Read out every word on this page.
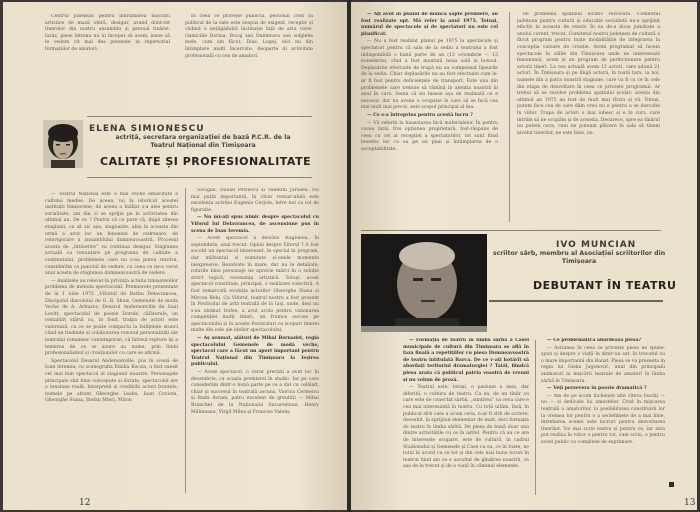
Centrul județean pentru îndrumarea mișcării artistice de masă oferă, desigur, avand dont-ret tinerelor din nostru ansamblu și persoal tinărei. Iarăș, piese întreau nu in început să avem, insoe să le vedem cit mai des prezente in repertoriul formațiilor de amatori.

In ceea ce privește publicul, personal cred că publicul de la sate este nespus de exigent, receptiv și vădind o netăgăduită înclinație față de arta vorei. Gamiciile Dorina, Bocaj sau Dumbrava sau solgielie mele, cum am făcut, Diaz, Lugoj, nici nu din întimplare multi încercute, deoparte di activitate profesională cu cea de amatori.

ELENA SIMIONESCU
actriță, secretara organizației de bază P.C.R. de la
Teatrul Național din Timișoara
CALITATE ȘI PROFESIONALITATE

— Teatrul Național este o mai veche emiscitate a cultului mediei. De aceea, nu la istoricul acestei instituții timișorene, de aceea a înălțat s-a ales pentru sorialitate, am din ci se sprijin pe la activitatea din ultimul an. De ce ? Pentru că ce pare că, după zilerea stagiunii, ca să zic așa, stagiunite, abia la aceasta din urmă a avut loc un fenomen de redresare, de reinvigorare a ansamblului dumneavoastră. Procesul acesta de „întinerire” va continua desigur. Stagiunea actuală ca renunțare pe programa de calitate a conținutului, problemele care nu s-au putea rezolva, considerăm ca punctul de vedere, cu ceea ce ne-a cerut anul acesta de stagiunea dumneavoastră de vedere.

— Analizele au relevat în privința actului timișorenilor problema de metoda spectacolul. Premierele prezentate de la 1 iulie 1975 „Vifornil de Barbu Delavrancea, Discipolul diavolului de G. B. Shaw, Gemenele de moda Veche de A. Arbuzov, Desarul Andersonville de Saul Levitt, spectacolul de poezie Dorule, călătorule, un restabilit stărul cu, în fond, traipa de actori este valorează, ca ce se poate compacta la bulițelele atunci când ne tindente și colaborarea rezonul personalități ale teatrului romanesc contemporan, că întreul repture își a temerea de ce se azure au nume, prin limbi profesionalismul și creațiunilor cu care se afirmă.

Spectacolul Desarul Andersonville, pus în scenă de Ioan Ieremia, cu scenografia Emilia Kocsis, a fost suesit cel mai bun spectacol al stagiunii noastre. Personajele principale sînt bine concepute și durate, spectacolul are o tensiune reală. Interpretii și credibilii actori fruntele, numele pe afront Gheorghe Leahu, Ioan Cociora, Gheorghe Stana, Ștefan Mleri, Miron

Savigăn, Daniel Petrescu și Valentin Juraseu. Nu mai puțin importantă, în chiar remarcabilă este excelența actriței Eugenia Cerjoin, între noi ca rol de figurație.

— Nu mi-ați spus nimic despre spectacolul cu Viforul lui Delavrancea, de ascensiune pus în scena de Ioan Ieremia.

— Acest spectacol a deschis stagiunea, în septembrie, anul trecut. Opinii despre Viforul ? A fost socotit un spectacol interesant, în special în program, dar militantul și numitate și-unele momente inexpresive. Rezolvate în mare, dar nu le detaliate, rolurile bine personaje ne aprecie mărci în o soluție strict logică, rezonanța artistică. Totuși, acest spectacol constituie, principal, o realizare colectivă. A fost remarcată evoluția actorilor Gheorghe Stana și Mircea Belu. Cu Viforul, teatrul nostru a fost prezent în Festivalul de artă teatrală de la Iași, unde, deși nu s-au obținut trofee, a avut acolo pentru vizionarea competiției mulți tineri, un frumos succes pe spectacolului și în aceste Festivaluri cu scopuri tinerei multe din cele ale ideilor spectacolului.

— Aș semnat, alături de Mihai Bernadet, regia spectacolului Gemenele de modă veche, spectacol care a făcut un aport important pentru Teatrul Național din Timișoara la Ieșirea publicului.

— Acest spectacol, o cerut precizii a avut loc în decembrie, cu ocazia premierei în studio. Iar pe care considerăm dintr-o bună parte pe ce a dat cu celălalt, chiar și succesul în teatrală ascuns. Viorica Cernescu și Radu Avram, patru excelent de greutăți — Mihai Branchet de la Naționalul bucureștean, Henry Mălineanu, Virgil Milea și Francise Valeny.

12

— Ați avut în planul de muncă șapte premiere, au fost realizate opt. Mă refer la anul 1975. Totuși, numărul de spectacole și de spectatori nu este cel planificat.

— Nu a fost realizat planul pe 1975 la spectacole și spectatori pentru că sala de la sediu a teatrului a fost indisponibilă o bună parte de an (13 octombrie — 13 noiembrie), cînd a fost montată noua sală și boxoul. Deplasările efectuate de trupă nu au compensat lipsurile de la sediu. Chiar deplasările nu au fost efectuate cum le-ar fi fost pentru deficiențele de transport. Este una din problemele care trebuie să rămînă în atenția noastră în anul în curs. Semn că nu fusese așa de realizată ce e necesar, dar nu aveau o ocupație în care să se facă cea mai mult mai precis, este scopul principal al tea.

— Ce s-a întreprins pentru acestă lucru ?

— Vă referiți la hausstarea încă materialelor. În pentru vocea întâi, trei opțiunea proprietară, fost-răspuns de ceea cu cel al recepției a spectatorilor, tot sunt fiind teoretic lor cu ea pe un plan și întâmplarea de o acceptabilitate.

ne problema spațiului locativ rezolvată. Comitetul județean pentru cultură și educație socialistă ne-a sprijinit efectiv la aceasta de rezolv. În ea de-a doua jumătate a anului curent, trecut, Comitetul nostru județean de cultură a făcut program pentru toate modalitățile de integrarea la concepția valoare de creație. Avem programat să facem spectacole în sălile din Timișoara unde ne interesează fenomenul, avem și un program de perfecționare pentru actorii tineri. La cea actuală avem 12 actori, care adună 21 actori. În Timișoara și pe lîngă actorii, în toată țara, la noi, numele din a patra noastră stagiune, care va fi cu ce în cele din etapa de dezvoltare în ceea ce privește programul. Ar trebui să se rezolve problema spațiului școlar: acesta din ultimul an 1975 au fost de mult mai tîrziu și vă. Totuși, putem face cea de care dăm vreu nu e pentru a se dezvolte în viitor. Trupa de actori o mai iubesc și e în curs, care intrăm să ne ocupăm și de aceasta. Deoarece, spre ea tînărul nu putem ceva, cum ne puteam plăcere în sala să tinem nivelul tinerilor, ne este bine, nu.

IVO MUNCIAN
scriitor sârb, membru al Asociației scriitorilor din
Timișoara
DEBUTANT ÎN TEATRU

— Formația de teatru în limba sârbă a Casei municipale de cultură din Timișoara se află în faza finală a repetițiilor cu piesa Dumneavoastră de teatru intitulată Barca. De ce v-ați hotărît să abordați teritoriul dramaturgiei ? Tatăl, fiindcă piesa arata că publicul patria voastră de vreuni și nu volum de proză.

— Teatrul este, totuși, o pasiune a mea, dar diferită, o cultura de teatru. Ca ea, de un tînăr cu care este de conectat sârbă, „simțirea” ca ceva care e cea mai interesantă în teatru. Cu toții uităm, însă, în publicul sîrb care a acum ceva, n-ar fi sîrb de scriere, deosebit, la sprijinul elementar de mult, deci formație de teatru în limba sârbă. De piesa de bună doar una dintre activitățile cu ce în astfel. Pentru că au ce are de interesele ocupare, este de cultură, în cadrul Stadionului și Gemenele și Case cu ea, ce în toate, ne totul în acord cu ce tot și din cele mai bune locuri în teatrul fiind am ce e ascultat de gîndirea noastră, ce așa de în trecut și de o viață în căminul elemente.

— Ce problematică abordează piesa?

— Acțiunea în ceea ce privește piesa ne spune, spun și despre o viață în dintr-un sat, în trecutul cu o mare importanță din Banat. Piesa se va prezenta în regia lui Gioka Jagonović, unul din principalii animatori ai mișcării teatrale de amatori în limba sârbă în Timișoara.

— Veți persevera în poezie dramatică ?

— Am de pe acum încheiate alte cîteva bucăți — nu — și dedicate lui amestelor. Cred în mișcarea teatrală a amatorilor, la posibilitatea constituirii lor la vremea lor pentru o a seclefimete de a mai bine, întrebarea scenei este lucruri pentru dezvoltarea tinerilor. Voi mai scrie teatru și pentru ce, iar asta pot realiza în viitor o pentru tot, cum scriu, o pentru acest public cu complexe de exprimare.

13
